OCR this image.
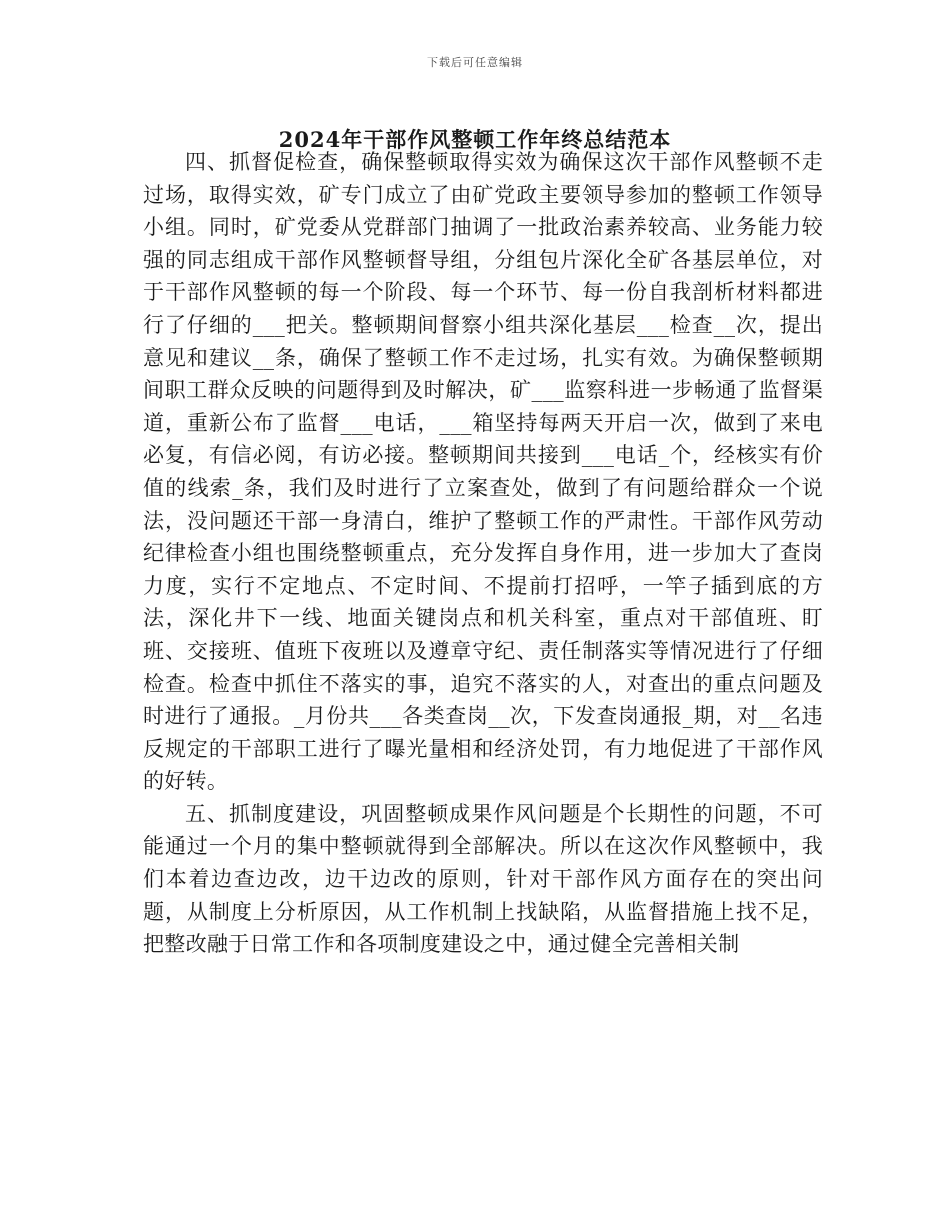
下载后可任意编辑
2024年干部作风整顿工作年终总结范本

四、抓督促检查，确保整顿取得实效为确保这次干部作风整顿不走过场，取得实效，矿专门成立了由矿党政主要领导参加的整顿工作领导小组。同时，矿党委从党群部门抽调了一批政治素养较高、业务能力较强的同志组成干部作风整顿督导组，分组包片深化全矿各基层单位，对于干部作风整顿的每一个阶段、每一个环节、每一份自我剖析材料都进行了仔细的___把关。整顿期间督察小组共深化基层___检查__次，提出意见和建议__条，确保了整顿工作不走过场，扎实有效。为确保整顿期间职工群众反映的问题得到及时解决，矿___监察科进一步畅通了监督渠道，重新公布了监督___电话，___箱坚持每两天开启一次，做到了来电必复，有信必阅，有访必接。整顿期间共接到___电话_个，经核实有价值的线索_条，我们及时进行了立案查处，做到了有问题给群众一个说法，没问题还干部一身清白，维护了整顿工作的严肃性。干部作风劳动纪律检查小组也围绕整顿重点，充分发挥自身作用，进一步加大了查岗力度，实行不定地点、不定时间、不提前打招呼，一竿子插到底的方法，深化井下一线、地面关键岗点和机关科室，重点对干部值班、盯班、交接班、值班下夜班以及遵章守纪、责任制落实等情况进行了仔细检查。检查中抓住不落实的事，追究不落实的人，对查出的重点问题及时进行了通报。_月份共___各类查岗__次，下发查岗通报_期，对__名违反规定的干部职工进行了曝光量相和经济处罚，有力地促进了干部作风的好转。

五、抓制度建设，巩固整顿成果作风问题是个长期性的问题，不可能通过一个月的集中整顿就得到全部解决。所以在这次作风整顿中，我们本着边查边改，边干边改的原则，针对干部作风方面存在的突出问题，从制度上分析原因，从工作机制上找缺陷，从监督措施上找不足，把整改融于日常工作和各项制度建设之中，通过健全完善相关制
